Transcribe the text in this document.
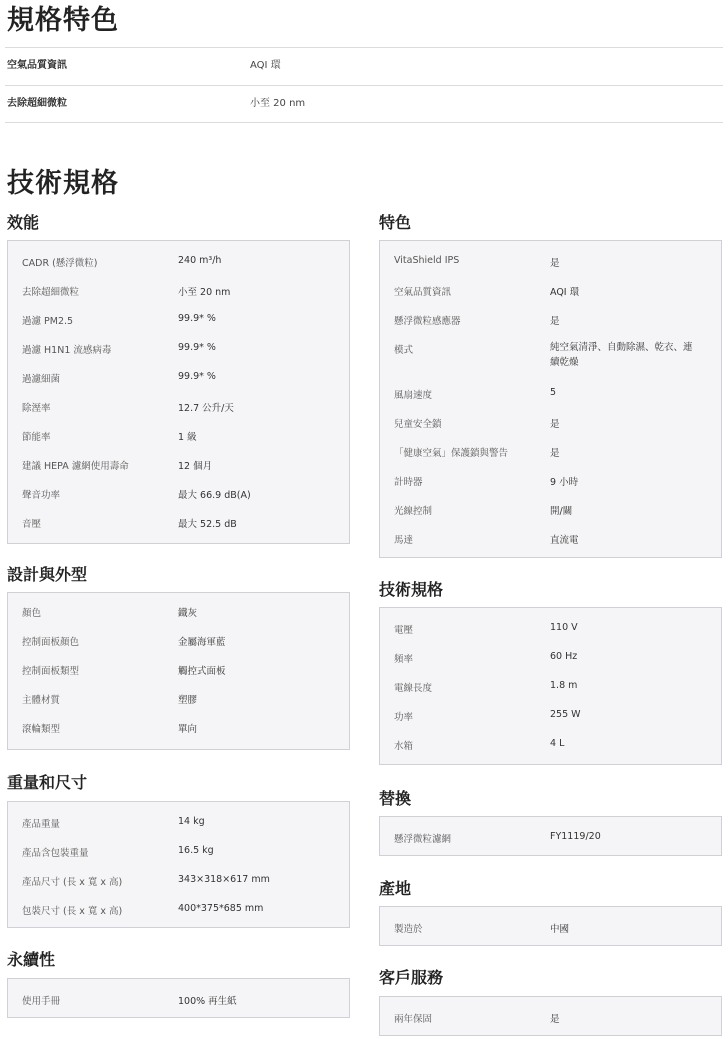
規格特色
空氣品質資訊	AQI 環
去除超細微粒	小至 20 nm
技術規格
效能
CADR (懸浮微粒)	240 m³/h
去除超細微粒	小至 20 nm
過濾 PM2.5	99.9* %
過濾 H1N1 流感病毒	99.9* %
過濾細菌	99.9* %
除溼率	12.7 公升/天
節能率	1 級
建議 HEPA 濾網使用壽命	12 個月
聲音功率	最大 66.9 dB(A)
音壓	最大 52.5 dB
設計與外型
顏色	鐵灰
控制面板顏色	金屬海軍藍
控制面板類型	觸控式面板
主體材質	塑膠
滾輪類型	單向
重量和尺寸
產品重量	14 kg
產品含包裝重量	16.5 kg
產品尺寸 (長 x 寬 x 高)	343×318×617 mm
包裝尺寸 (長 x 寬 x 高)	400*375*685 mm
永續性
使用手冊	100% 再生紙
特色
VitaShield IPS	是
空氣品質資訊	AQI 環
懸浮微粒感應器	是
模式	純空氣清淨、自動除濕、乾衣、連續乾燥
風扇速度	5
兒童安全鎖	是
「健康空氣」保護鎖與警告	是
計時器	9 小時
光線控制	開/關
馬達	直流電
技術規格
電壓	110 V
頻率	60 Hz
電線長度	1.8 m
功率	255 W
水箱	4 L
替換
懸浮微粒濾網	FY1119/20
產地
製造於	中國
客戶服務
兩年保固	是
